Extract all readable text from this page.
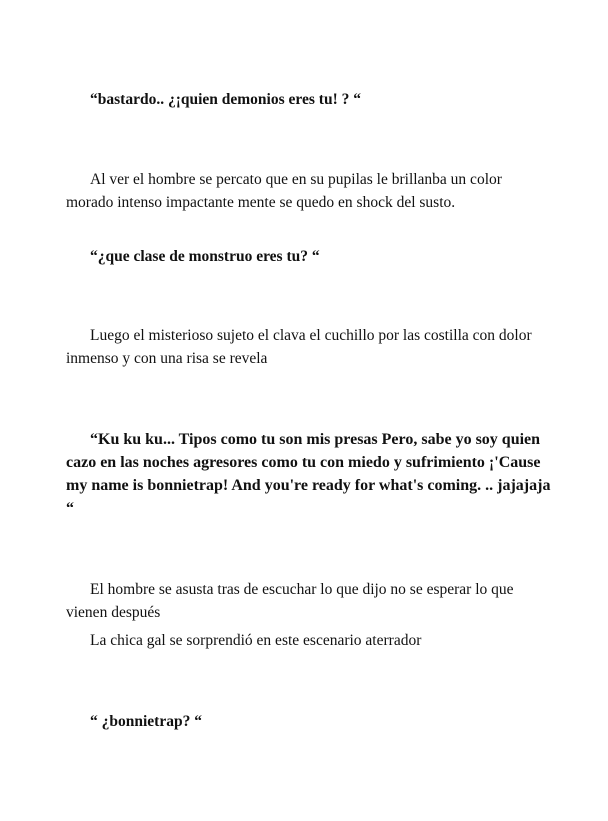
“bastardo.. ¿¡quien demonios eres tu! ? “

Al ver el hombre se percato que en su pupilas le brillanba un color
morado intenso impactante mente se quedo en shock del susto.

“¿que clase de monstruo eres tu? “

Luego el misterioso sujeto el clava el cuchillo por las costilla con dolor
inmenso y con una risa se revela

“Ku ku ku... Tipos como tu son mis presas Pero, sabe yo soy quien
cazo en las noches agresores como tu con miedo y sufrimiento ¡'Cause
my name is bonnietrap! And you're ready for what's coming. .. jajajaja
“

El hombre se asusta tras de escuchar lo que dijo no se esperar lo que
vienen después
La chica gal se sorprendió en este escenario aterrador

“ ¿bonnietrap? “
